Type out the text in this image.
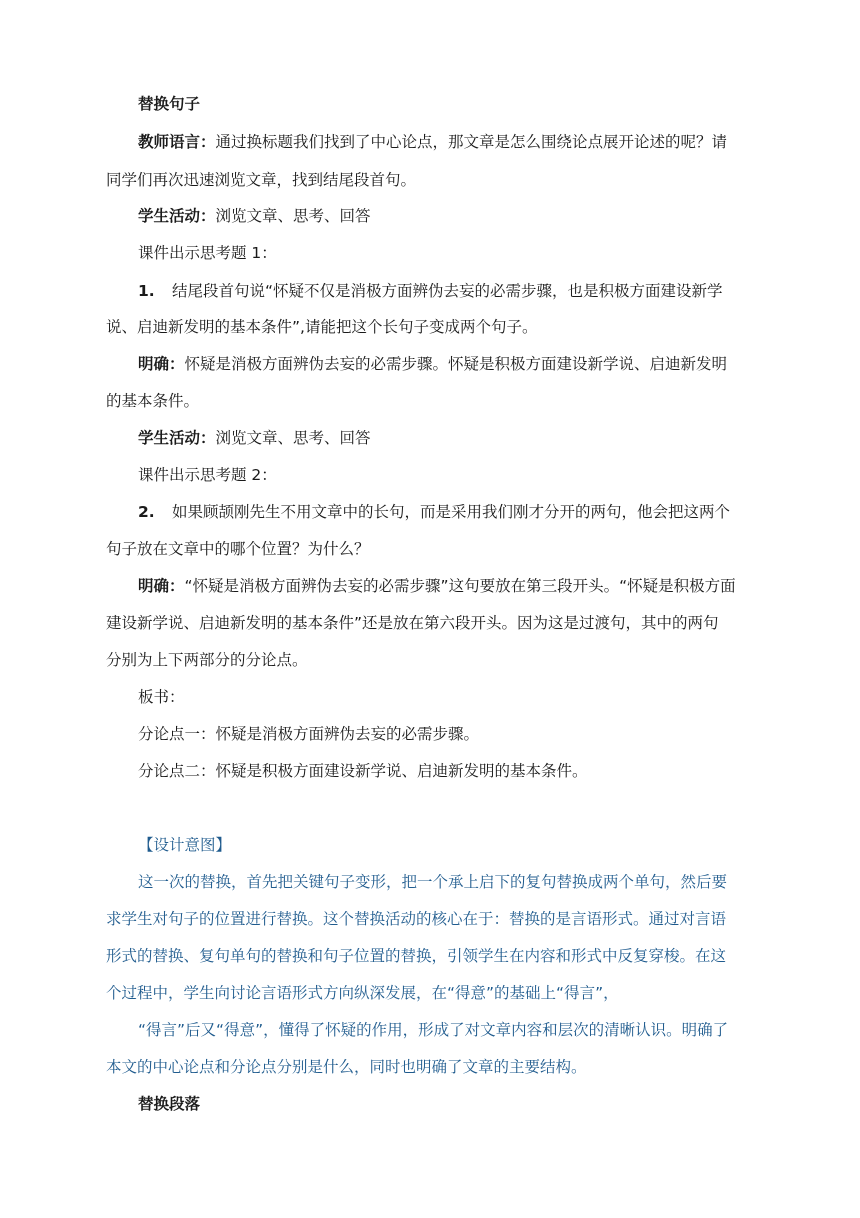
替换句子
教师语言：通过换标题我们找到了中心论点，那文章是怎么围绕论点展开论述的呢？请
同学们再次迅速浏览文章，找到结尾段首句。
学生活动：浏览文章、思考、回答
课件出示思考题 1：
1. 结尾段首句说“怀疑不仅是消极方面辨伪去妄的必需步骤，也是积极方面建设新学
说、启迪新发明的基本条件”,请能把这个长句子变成两个句子。
明确：怀疑是消极方面辨伪去妄的必需步骤。怀疑是积极方面建设新学说、启迪新发明
的基本条件。
学生活动：浏览文章、思考、回答
课件出示思考题 2：
2. 如果顾颉刚先生不用文章中的长句，而是采用我们刚才分开的两句，他会把这两个
句子放在文章中的哪个位置？为什么？
明确：“怀疑是消极方面辨伪去妄的必需步骤”这句要放在第三段开头。“怀疑是积极方面
建设新学说、启迪新发明的基本条件”还是放在第六段开头。因为这是过渡句，其中的两句
分别为上下两部分的分论点。
板书：
分论点一：怀疑是消极方面辨伪去妄的必需步骤。
分论点二：怀疑是积极方面建设新学说、启迪新发明的基本条件。
【设计意图】
这一次的替换，首先把关键句子变形，把一个承上启下的复句替换成两个单句，然后要
求学生对句子的位置进行替换。这个替换活动的核心在于：替换的是言语形式。通过对言语
形式的替换、复句单句的替换和句子位置的替换，引领学生在内容和形式中反复穿梭。在这
个过程中，学生向讨论言语形式方向纵深发展，在“得意”的基础上“得言”，
“得言”后又“得意”，懂得了怀疑的作用，形成了对文章内容和层次的清晰认识。明确了
本文的中心论点和分论点分别是什么，同时也明确了文章的主要结构。
替换段落
